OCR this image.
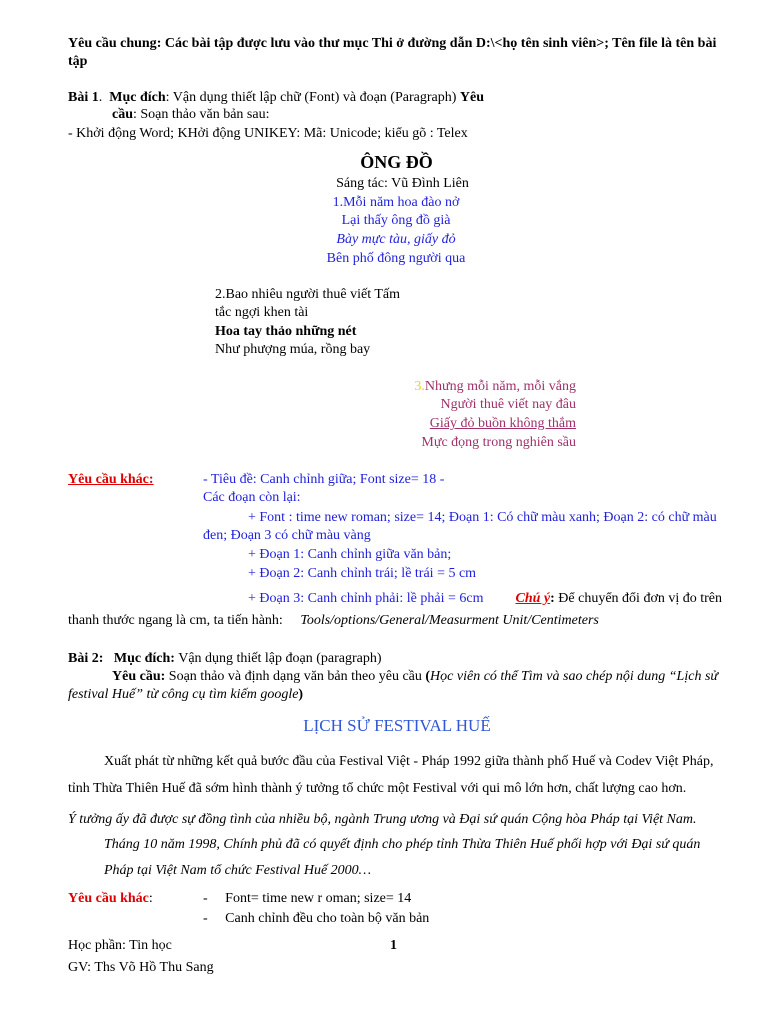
Yêu cầu chung: Các bài tập được lưu vào thư mục Thi ở đường dẫn D:\<họ tên sinh viên>; Tên file là tên bài
tập
Bài 1.  Mục đích: Vận dụng thiết lập chữ (Font) và đoạn (Paragraph) Yêu
cầu: Soạn thảo văn bản sau:
- Khởi động Word; KHởi động UNIKEY: Mã: Unicode; kiểu gõ : Telex
ÔNG ĐỒ
Sáng tác: Vũ Đình Liên
1.Mỗi năm hoa đào nở
Lại thấy ông đồ già
Bày mực tàu, giấy đỏ
Bên phố đông người qua
2.Bao nhiêu người thuê viết Tấm
tắc ngợi khen tài
Hoa tay thảo những nét
Như phượng múa, rồng bay
3.Nhưng mỗi năm, mỗi vắng
Người thuê viết nay đâu
Giấy đỏ buồn không thắm
Mực đọng trong nghiên sầu
Yêu cầu khác:	- Tiêu đề: Canh chỉnh giữa; Font size= 18 -
Các đoạn còn lại:
+ Font : time new roman; size= 14; Đoạn 1: Có chữ màu xanh; Đoạn 2: có chữ màu
đen; Đoạn 3 có chữ màu vàng
+ Đoạn 1: Canh chỉnh giữa văn bản;
+ Đoạn 2: Canh chỉnh trái; lề trái = 5 cm
+ Đoạn 3: Canh chỉnh phải: lề phải = 6cm Chú ý: Để chuyển đổi đơn vị đo trên
thanh thước ngang là cm, ta tiến hành: Tools/options/General/Measurment Unit/Centimeters
Bài 2: Mục đích: Vận dụng thiết lập đoạn (paragraph)
Yêu cầu: Soạn thảo và định dạng văn bản theo yêu cầu (Học viên có thể Tìm và sao chép nội dung “Lịch sử
festival Huế” từ công cụ tìm kiếm google)
LỊCH SỬ FESTIVAL HUẾ
Xuất phát từ những kết quả bước đầu của Festival Việt - Pháp 1992 giữa thành phố Huế và Codev Việt Pháp,
tỉnh Thừa Thiên Huế đã sớm hình thành ý tưởng tổ chức một Festival với qui mô lớn hơn, chất lượng cao hơn.
Ý tưởng ấy đã được sự đồng tình của nhiều bộ, ngành Trung ương và Đại sứ quán Cộng hòa Pháp tại Việt Nam.
Tháng 10 năm 1998, Chính phủ đã có quyết định cho phép tỉnh Thừa Thiên Huế phối hợp với Đại sứ quán
Pháp tại Việt Nam tổ chức Festival Huế 2000…
Yêu cầu khác:	-     Font= time new r oman; size= 14
-     Canh chỉnh đều cho toàn bộ văn bản
Học phần: Tin học	1
GV: Ths Võ Hồ Thu Sang
